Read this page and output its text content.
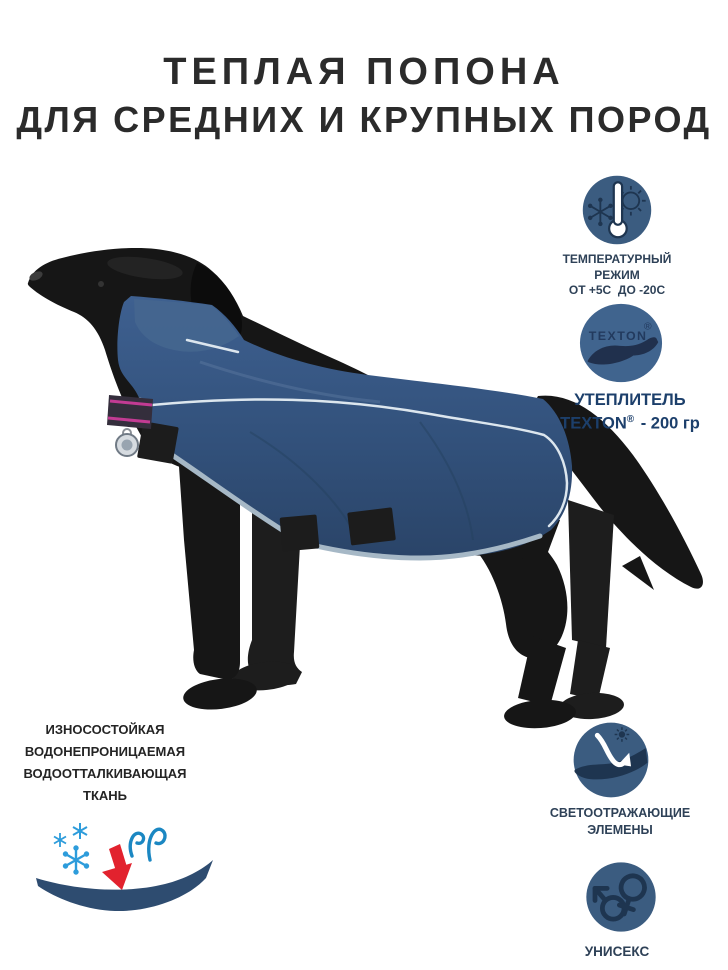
ТЕПЛАЯ ПОПОНА
ДЛЯ СРЕДНИХ И КРУПНЫХ ПОРОД
ТЕМПЕРАТУРНЫЙ
РЕЖИМ
ОТ +5С  ДО -20С
TEXTON
®
УТЕПЛИТЕЛЬ
TEXTON® - 200 гр
СВЕТООТРАЖАЮЩИЕ
ЭЛЕМЕНЫ
УНИСЕКС
ИЗНОСОСТОЙКАЯ
ВОДОНЕПРОНИЦАЕМАЯ
ВОДООТТАЛКИВАЮЩАЯ
ТКАНЬ
